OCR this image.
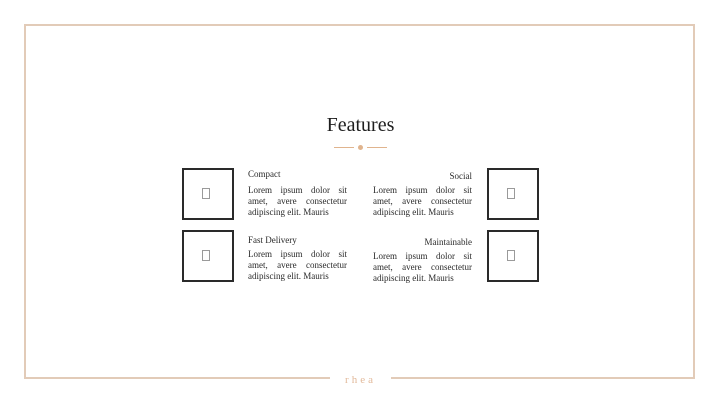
rhea
Features
Compact
Lorem ipsum dolor sit amet, avere consectetur adipiscing elit. Mauris
Social
Lorem ipsum dolor sit amet, avere consectetur adipiscing elit. Mauris
Fast Delivery
Lorem ipsum dolor sit amet, avere consectetur adipiscing elit. Mauris
Maintainable
Lorem ipsum dolor sit amet, avere consectetur adipiscing elit. Mauris
